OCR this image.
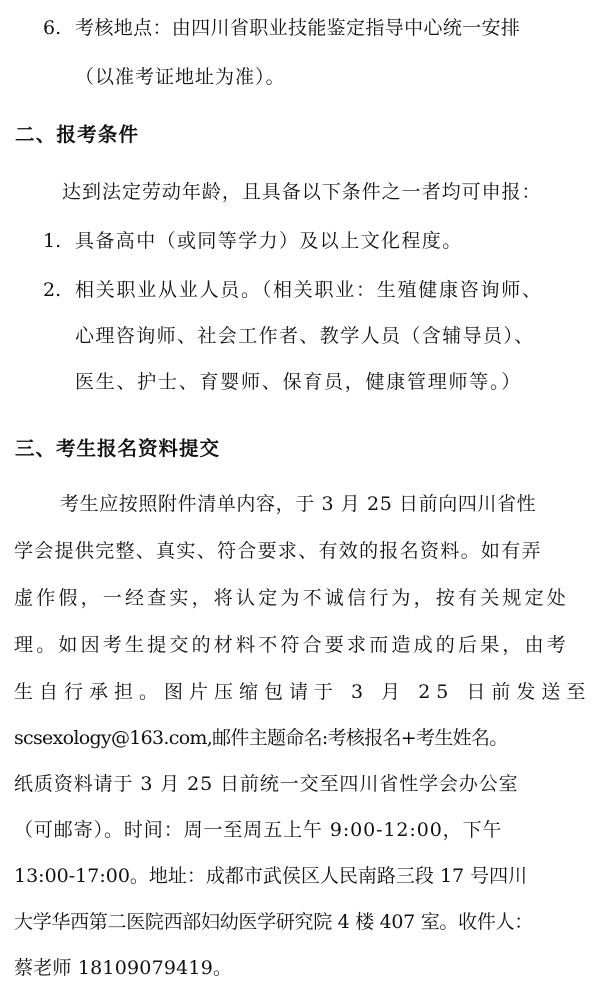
6. 考核地点：由四川省职业技能鉴定指导中心统一安排
（以准考证地址为准）。
二、报考条件
达到法定劳动年龄，且具备以下条件之一者均可申报：
1. 具备高中（或同等学力）及以上文化程度。
2. 相关职业从业人员。（相关职业：生殖健康咨询师、
心理咨询师、社会工作者、教学人员（含辅导员）、
医生、护士、育婴师、保育员，健康管理师等。）
三、考生报名资料提交
考生应按照附件清单内容，于 3 月 25 日前向四川省性
学会提供完整、真实、符合要求、有效的报名资料。如有弄
虚作假，一经查实，将认定为不诚信行为，按有关规定处
理。如因考生提交的材料不符合要求而造成的后果，由考
生自行承担。图片压缩包请于 3 月 25 日前发送至
scsexology@163.com,邮件主题命名:考核报名+考生姓名。
纸质资料请于 3 月 25 日前统一交至四川省性学会办公室
（可邮寄）。时间：周一至周五上午 9:00-12:00，下午
13:00-17:00。地址：成都市武侯区人民南路三段 17 号四川
大学华西第二医院西部妇幼医学研究院 4 楼 407 室。收件人：
蔡老师 18109079419。
